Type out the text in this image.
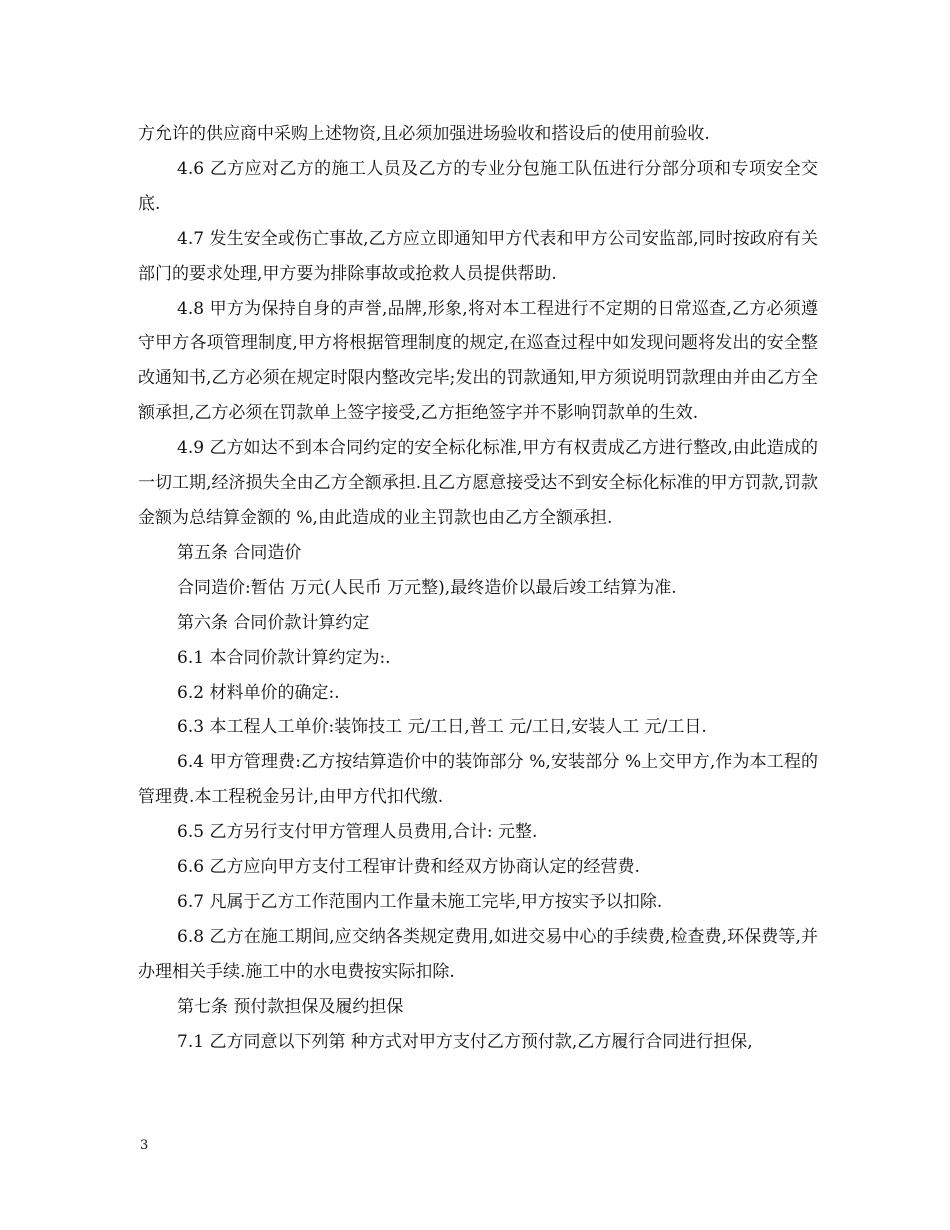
方允许的供应商中采购上述物资,且必须加强进场验收和搭设后的使用前验收.

4.6 乙方应对乙方的施工人员及乙方的专业分包施工队伍进行分部分项和专项安全交底.

4.7 发生安全或伤亡事故,乙方应立即通知甲方代表和甲方公司安监部,同时按政府有关部门的要求处理,甲方要为排除事故或抢救人员提供帮助.

4.8 甲方为保持自身的声誉,品牌,形象,将对本工程进行不定期的日常巡查,乙方必须遵守甲方各项管理制度,甲方将根据管理制度的规定,在巡查过程中如发现问题将发出的安全整改通知书,乙方必须在规定时限内整改完毕;发出的罚款通知,甲方须说明罚款理由并由乙方全额承担,乙方必须在罚款单上签字接受,乙方拒绝签字并不影响罚款单的生效.

4.9 乙方如达不到本合同约定的安全标化标准,甲方有权责成乙方进行整改,由此造成的一切工期,经济损失全由乙方全额承担.且乙方愿意接受达不到安全标化标准的甲方罚款,罚款金额为总结算金额的 %,由此造成的业主罚款也由乙方全额承担.

第五条 合同造价

合同造价:暂估 万元(人民币 万元整),最终造价以最后竣工结算为准.

第六条 合同价款计算约定

6.1 本合同价款计算约定为:.

6.2 材料单价的确定:.

6.3 本工程人工单价:装饰技工 元/工日,普工 元/工日,安装人工 元/工日.

6.4 甲方管理费:乙方按结算造价中的装饰部分 %,安装部分 %上交甲方,作为本工程的管理费.本工程税金另计,由甲方代扣代缴.

6.5 乙方另行支付甲方管理人员费用,合计: 元整.

6.6 乙方应向甲方支付工程审计费和经双方协商认定的经营费.

6.7 凡属于乙方工作范围内工作量未施工完毕,甲方按实予以扣除.

6.8 乙方在施工期间,应交纳各类规定费用,如进交易中心的手续费,检查费,环保费等,并办理相关手续.施工中的水电费按实际扣除.

第七条 预付款担保及履约担保

7.1 乙方同意以下列第 种方式对甲方支付乙方预付款,乙方履行合同进行担保,

3
